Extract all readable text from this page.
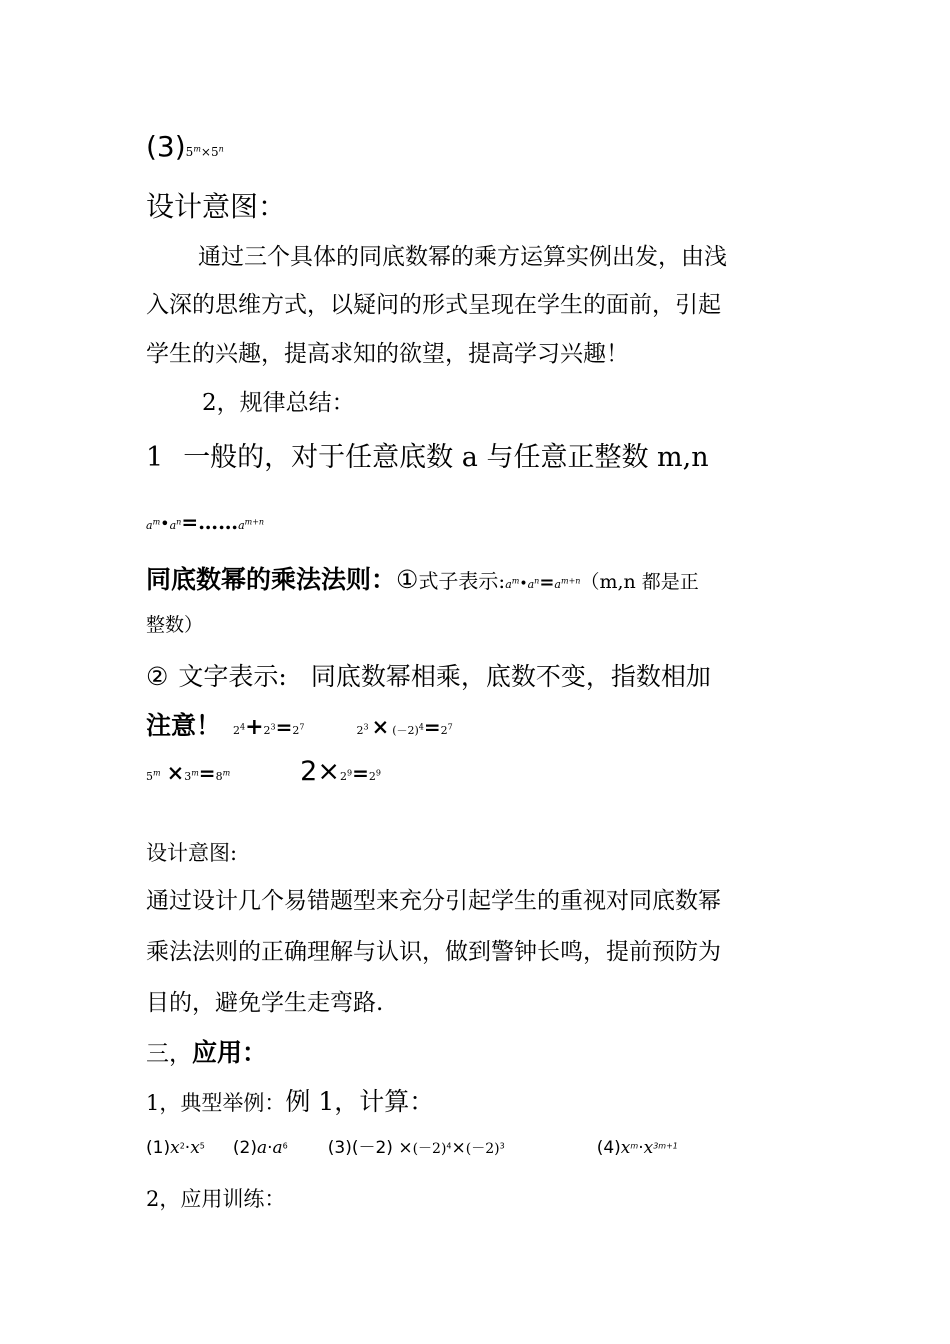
$(3)5^m\times 5^n$
设计意图：
通过三个具体的同底数幂的乘方运算实例出发，由浅
入深的思维方式，以疑问的形式呈现在学生的面前，引起
学生的兴趣，提高求知的欲望，提高学习兴趣！
2，规律总结：
1 一般的，对于任意底数 a 与任意正整数 m,n
$a^m•a^n=\dots\dots a^{m+n}$
同底数幂的乘法法则：①式子表示$:a^m•a^n=a^{m+n}(m,n$ 都是正
整数）
② 文字表示: 同底数幂相乘，底数不变，指数相加
注意！ $2^4+2^3=2^7$	$2^3 \times (-2)^4=2^7$
$5^m \times 3^m=8^m$	$2\times 2^9=2^9$
设计意图:
通过设计几个易错题型来充分引起学生的重视对同底数幂
乘法法则的正确理解与认识，做到警钟长鸣，提前预防为
目的，避免学生走弯路.
三，应用：
1，典型举例：例 1，计算：
$(1)x^2\cdot x^5$ $(2)a\cdot a^6$ $(3)(-2) \times(-2)^4\times(-2)^3$	$(4)x^m\cdot x^{3m+1}$
2，应用训练：
